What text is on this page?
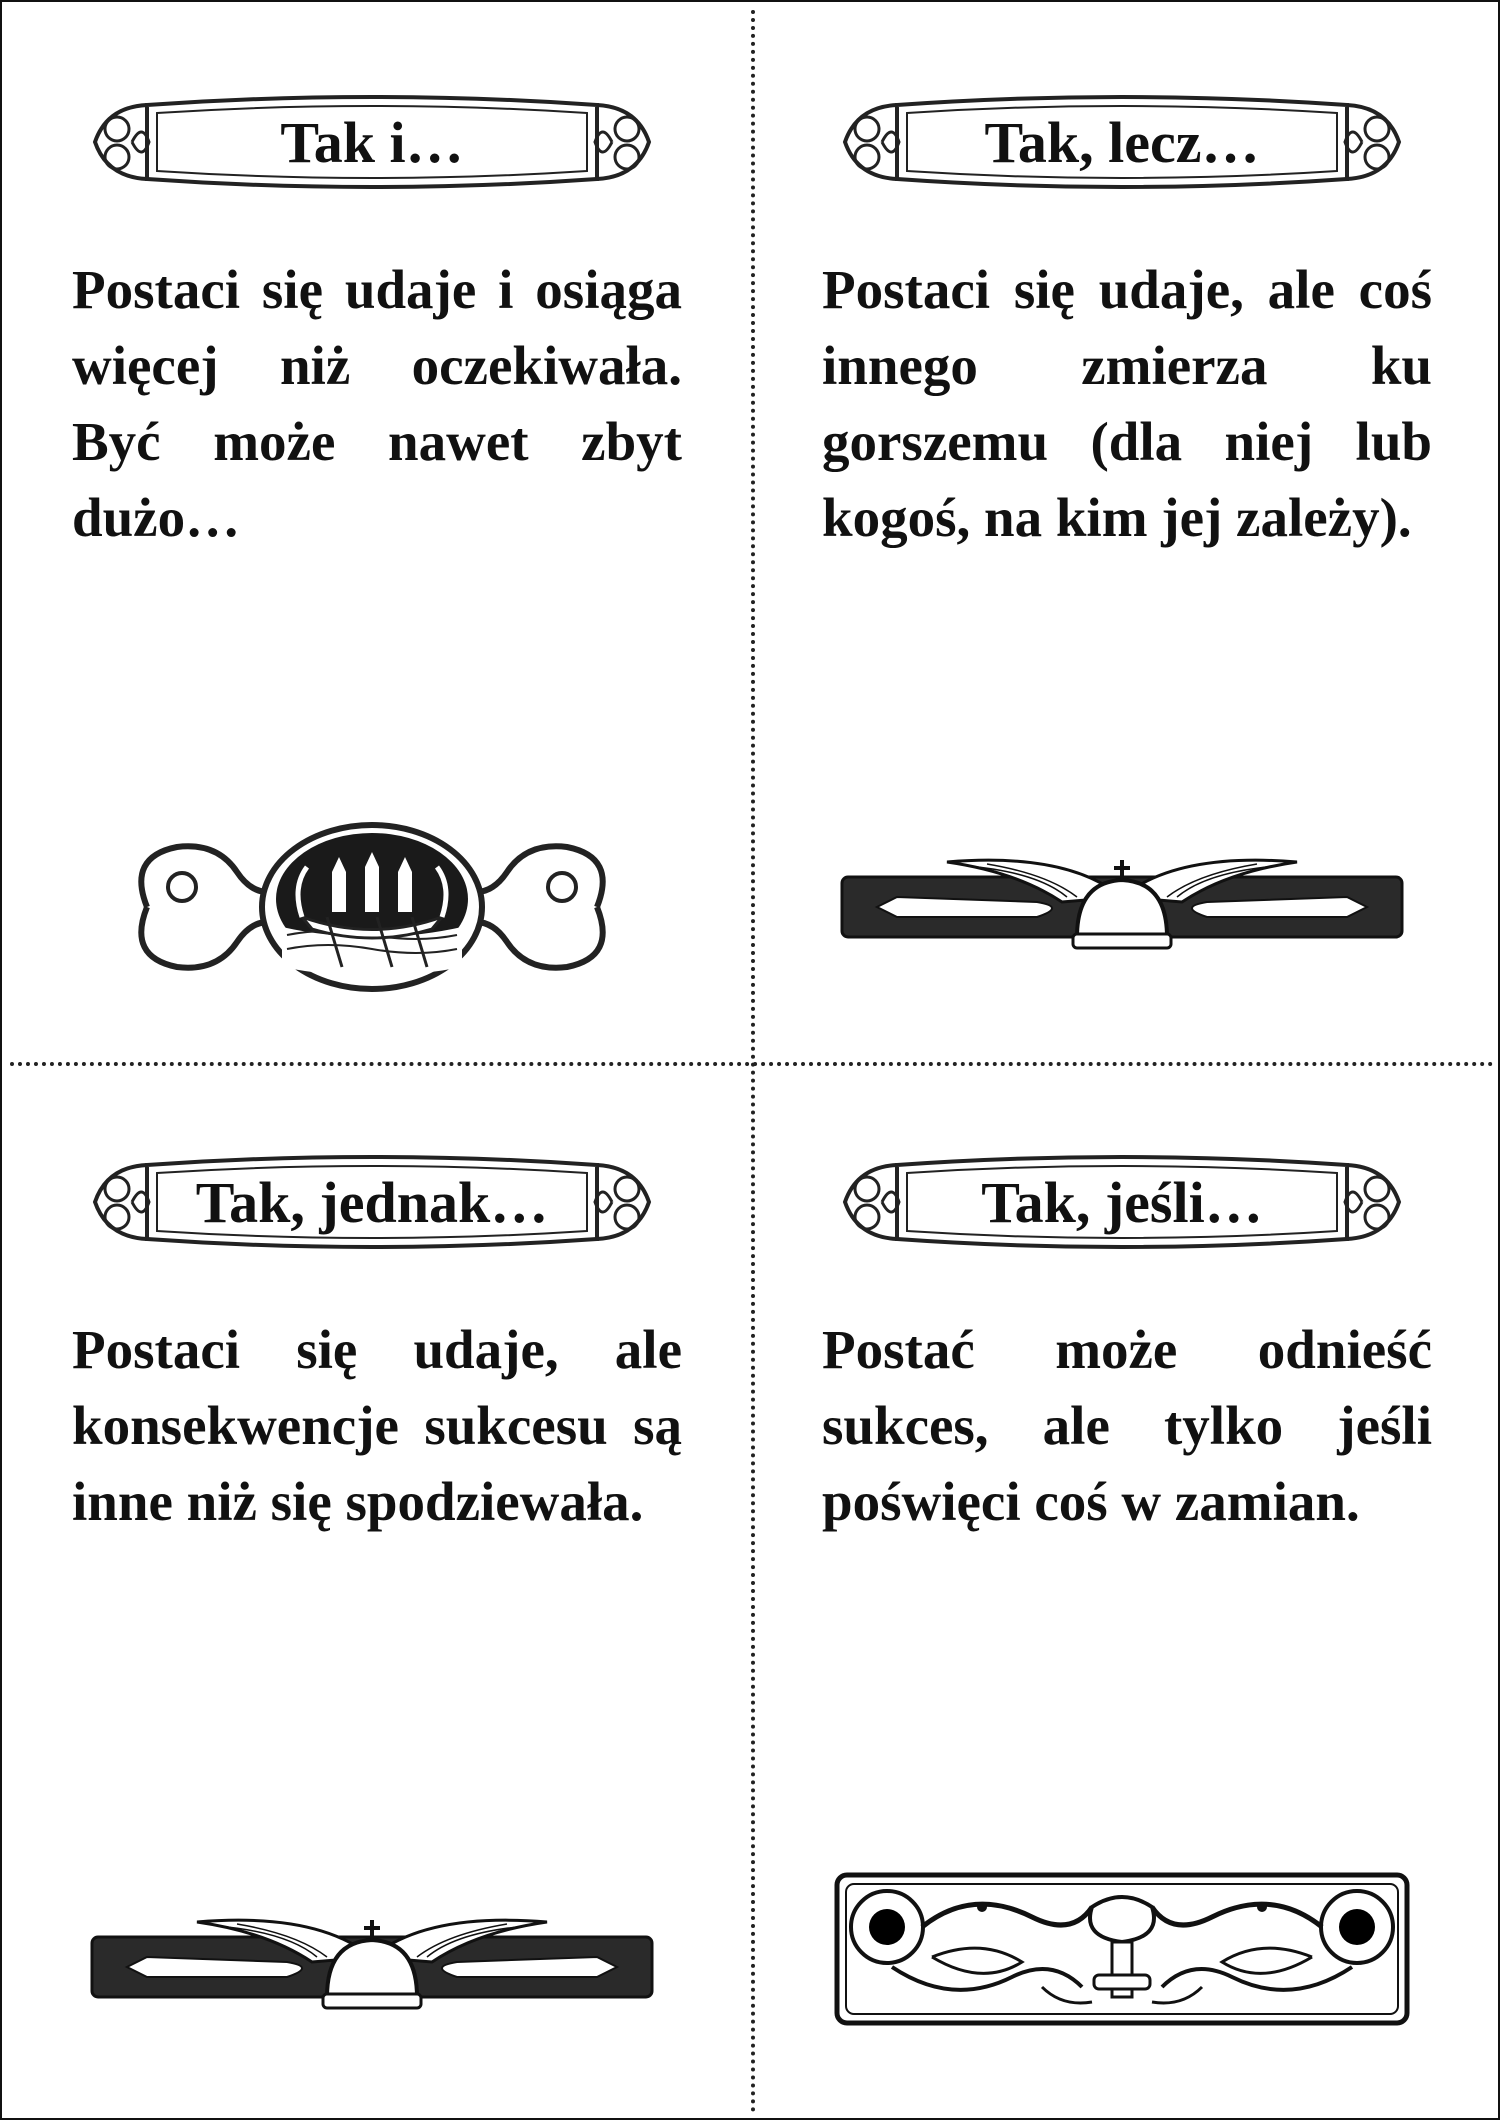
Tak i…
Postaci się udaje i osiąga więcej niż oczekiwała. Być może nawet zbyt dużo…
Tak, lecz…
Postaci się udaje, ale coś innego zmierza ku gorszemu (dla niej lub kogoś, na kim jej zależy).
Tak, jednak…
Postaci się udaje, ale konsekwencje sukcesu są inne niż się spodziewała.
Tak, jeśli…
Postać może odnieść sukces, ale tylko jeśli poświęci coś w zamian.
